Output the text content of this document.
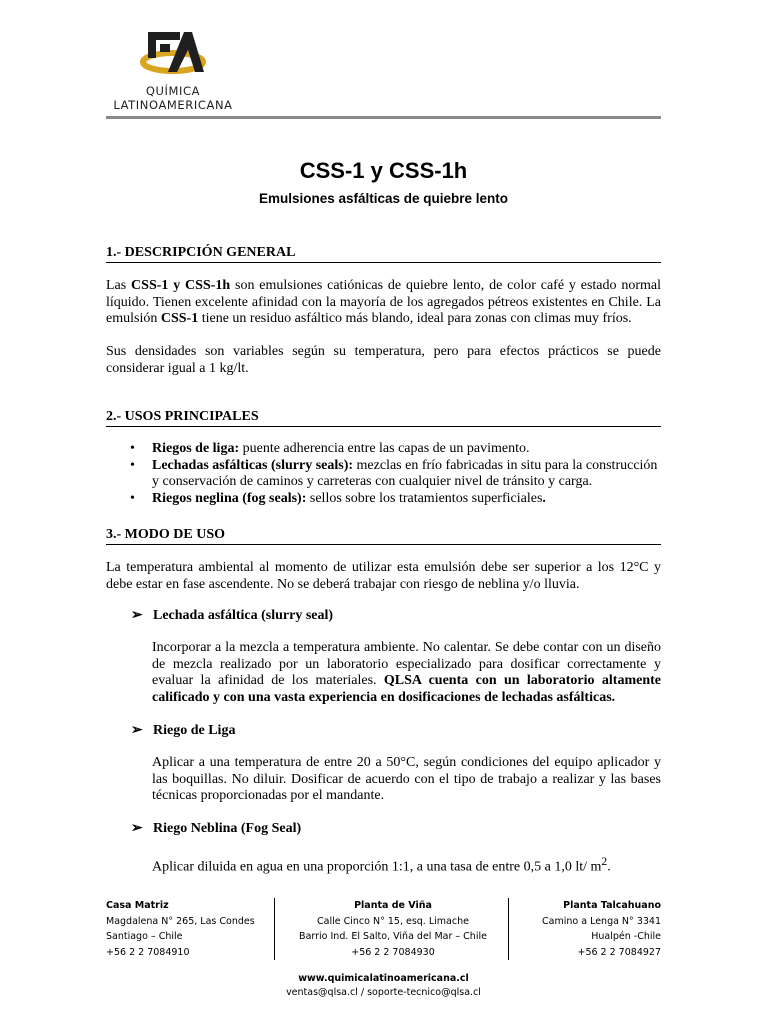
QUÍMICA
LATINOAMERICANA
CSS-1 y CSS-1h
Emulsiones asfálticas de quiebre lento
1.- DESCRIPCIÓN GENERAL

Las CSS-1 y CSS-1h son emulsiones catiónicas de quiebre lento, de color café y estado normal líquido. Tienen excelente afinidad con la mayoría de los agregados pétreos existentes en Chile. La emulsión CSS-1 tiene un residuo asfáltico más blando, ideal para zonas con climas muy fríos.

Sus densidades son variables según su temperatura, pero para efectos prácticos se puede considerar igual a 1 kg/lt.

2.- USOS PRINCIPALES
• Riegos de liga: puente adherencia entre las capas de un pavimento.
• Lechadas asfálticas (slurry seals): mezclas en frío fabricadas in situ para la construcción y conservación de caminos y carreteras con cualquier nivel de tránsito y carga.
• Riegos neglina (fog seals): sellos sobre los tratamientos superficiales.
3.- MODO DE USO

La temperatura ambiental al momento de utilizar esta emulsión debe ser superior a los 12°C y debe estar en fase ascendente. No se deberá trabajar con riesgo de neblina y/o lluvia.

➢ Lechada asfáltica (slurry seal)

Incorporar a la mezcla a temperatura ambiente. No calentar. Se debe contar con un diseño de mezcla realizado por un laboratorio especializado para dosificar correctamente y evaluar la afinidad de los materiales. QLSA cuenta con un laboratorio altamente calificado y con una vasta experiencia en dosificaciones de lechadas asfálticas.

➢ Riego de Liga

Aplicar a una temperatura de entre 20 a 50°C, según condiciones del equipo aplicador y las boquillas. No diluir. Dosificar de acuerdo con el tipo de trabajo a realizar y las bases técnicas proporcionadas por el mandante.

➢ Riego Neblina (Fog Seal)

Aplicar diluida en agua en una proporción 1:1, a una tasa de entre 0,5 a 1,0 lt/ $m^2$.

Casa Matriz
Magdalena N° 265, Las Condes
Santiago – Chile
+56 2 2 7084910
Planta de Viña
Calle Cinco N° 15, esq. Limache
Barrio Ind. El Salto, Viña del Mar – Chile
+56 2 2 7084930
Planta Talcahuano
Camino a Lenga N° 3341
Hualpén -Chile
+56 2 2 7084927
www.quimicalatinoamericana.cl
ventas@qlsa.cl / soporte-tecnico@qlsa.cl
